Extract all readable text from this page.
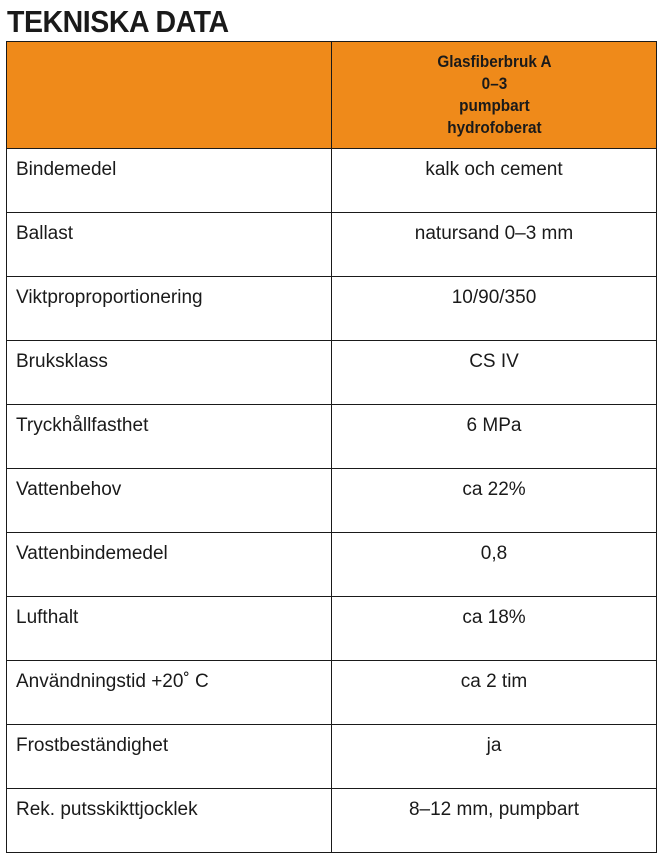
TEKNISKA DATA

	Glasfiberbruk A
0–3
pumpbart
hydrofoberat

Bindemedel	kalk och cement
Ballast	natursand 0–3 mm
Viktproproportionering	10/90/350
Bruksklass	CS IV
Tryckhållfasthet	6 MPa
Vattenbehov	ca 22%
Vattenbindemedel	0,8
Lufthalt	ca 18%
Användningstid +20˚ C	ca 2 tim
Frostbeständighet	ja
Rek. putsskikttjocklek	8–12 mm, pumpbart
